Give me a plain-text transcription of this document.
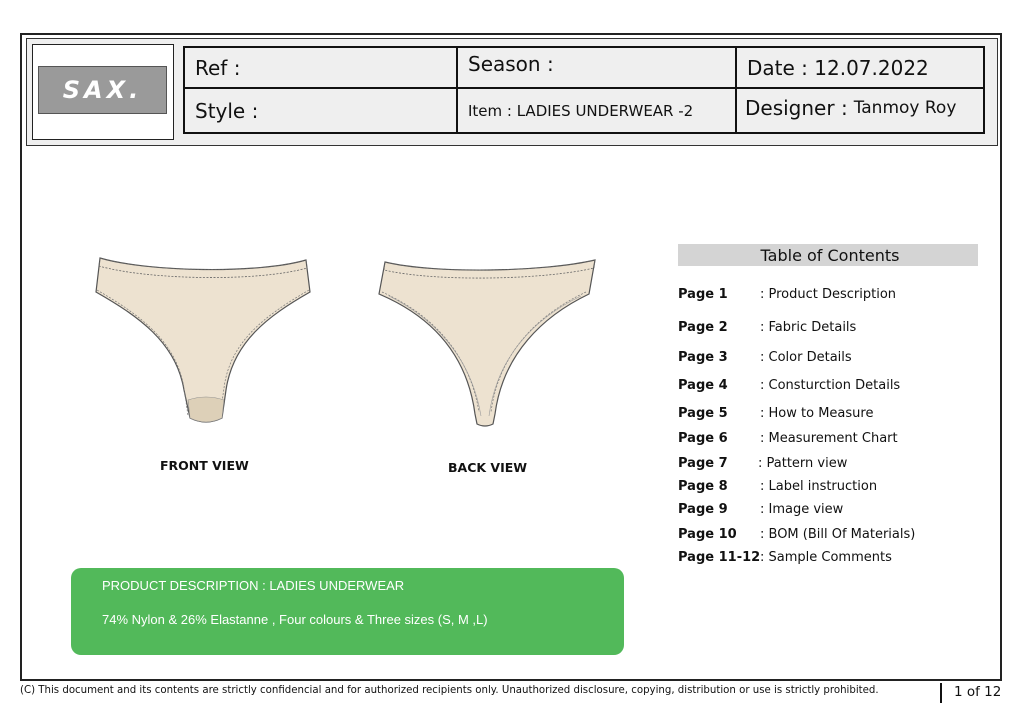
SAX.
Ref :	Season :	Date : 12.07.2022
Style :	Item : LADIES UNDERWEAR -2	Designer : Tanmoy Roy
FRONT VIEW	BACK VIEW
Table of Contents
Page 1 : Product Description
Page 2 : Fabric Details
Page 3 : Color Details
Page 4 : Consturction Details
Page 5 : How to Measure
Page 6 : Measurement Chart
Page 7 : Pattern view
Page 8 : Label instruction
Page 9 : Image view
Page 10 : BOM (Bill Of Materials)
Page 11-12 : Sample Comments
PRODUCT DESCRIPTION : LADIES UNDERWEAR
74% Nylon & 26% Elastanne , Four colours & Three sizes (S, M ,L)
(C) This document and its contents are strictly confidencial and for authorized recipients only. Unauthorized disclosure, copying, distribution or use is strictly prohibited.	1 of 12
